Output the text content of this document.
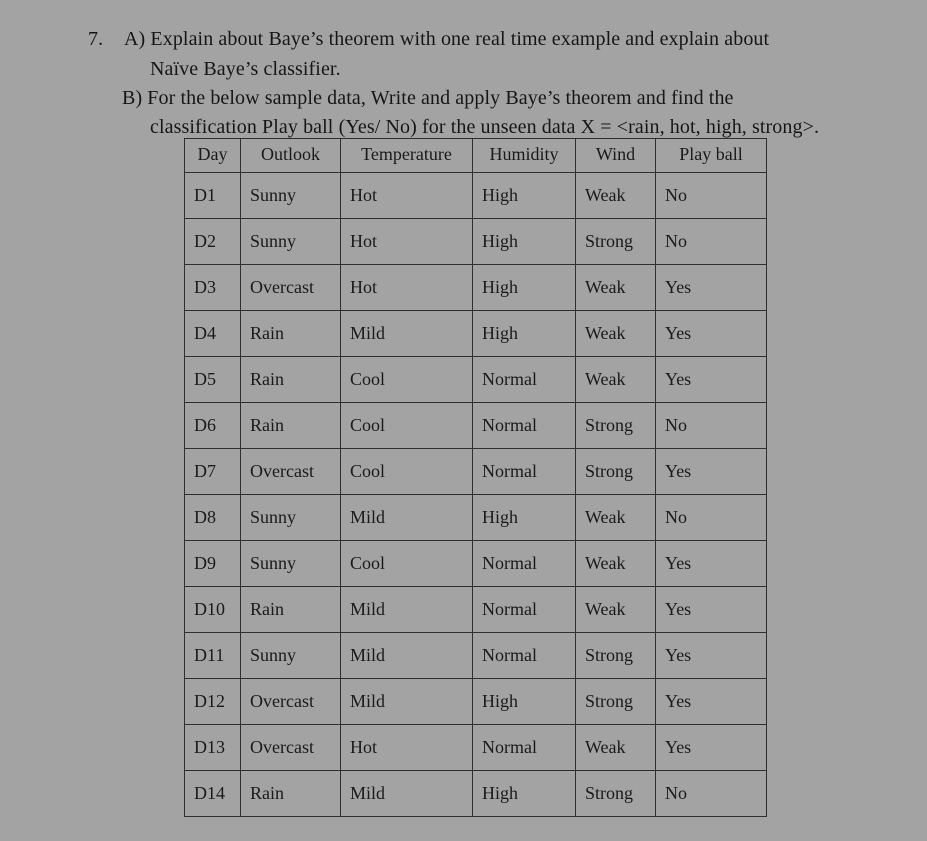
7. A) Explain about Baye’s theorem with one real time example and explain about
Naïve Baye’s classifier.
B) For the below sample data, Write and apply Baye’s theorem and find the
classification Play ball (Yes/ No) for the unseen data X = <rain, hot, high, strong>.
Day	Outlook	Temperature	Humidity	Wind	Play ball
D1	Sunny	Hot	High	Weak	No
D2	Sunny	Hot	High	Strong	No
D3	Overcast	Hot	High	Weak	Yes
D4	Rain	Mild	High	Weak	Yes
D5	Rain	Cool	Normal	Weak	Yes
D6	Rain	Cool	Normal	Strong	No
D7	Overcast	Cool	Normal	Strong	Yes
D8	Sunny	Mild	High	Weak	No
D9	Sunny	Cool	Normal	Weak	Yes
D10	Rain	Mild	Normal	Weak	Yes
D11	Sunny	Mild	Normal	Strong	Yes
D12	Overcast	Mild	High	Strong	Yes
D13	Overcast	Hot	Normal	Weak	Yes
D14	Rain	Mild	High	Strong	No
